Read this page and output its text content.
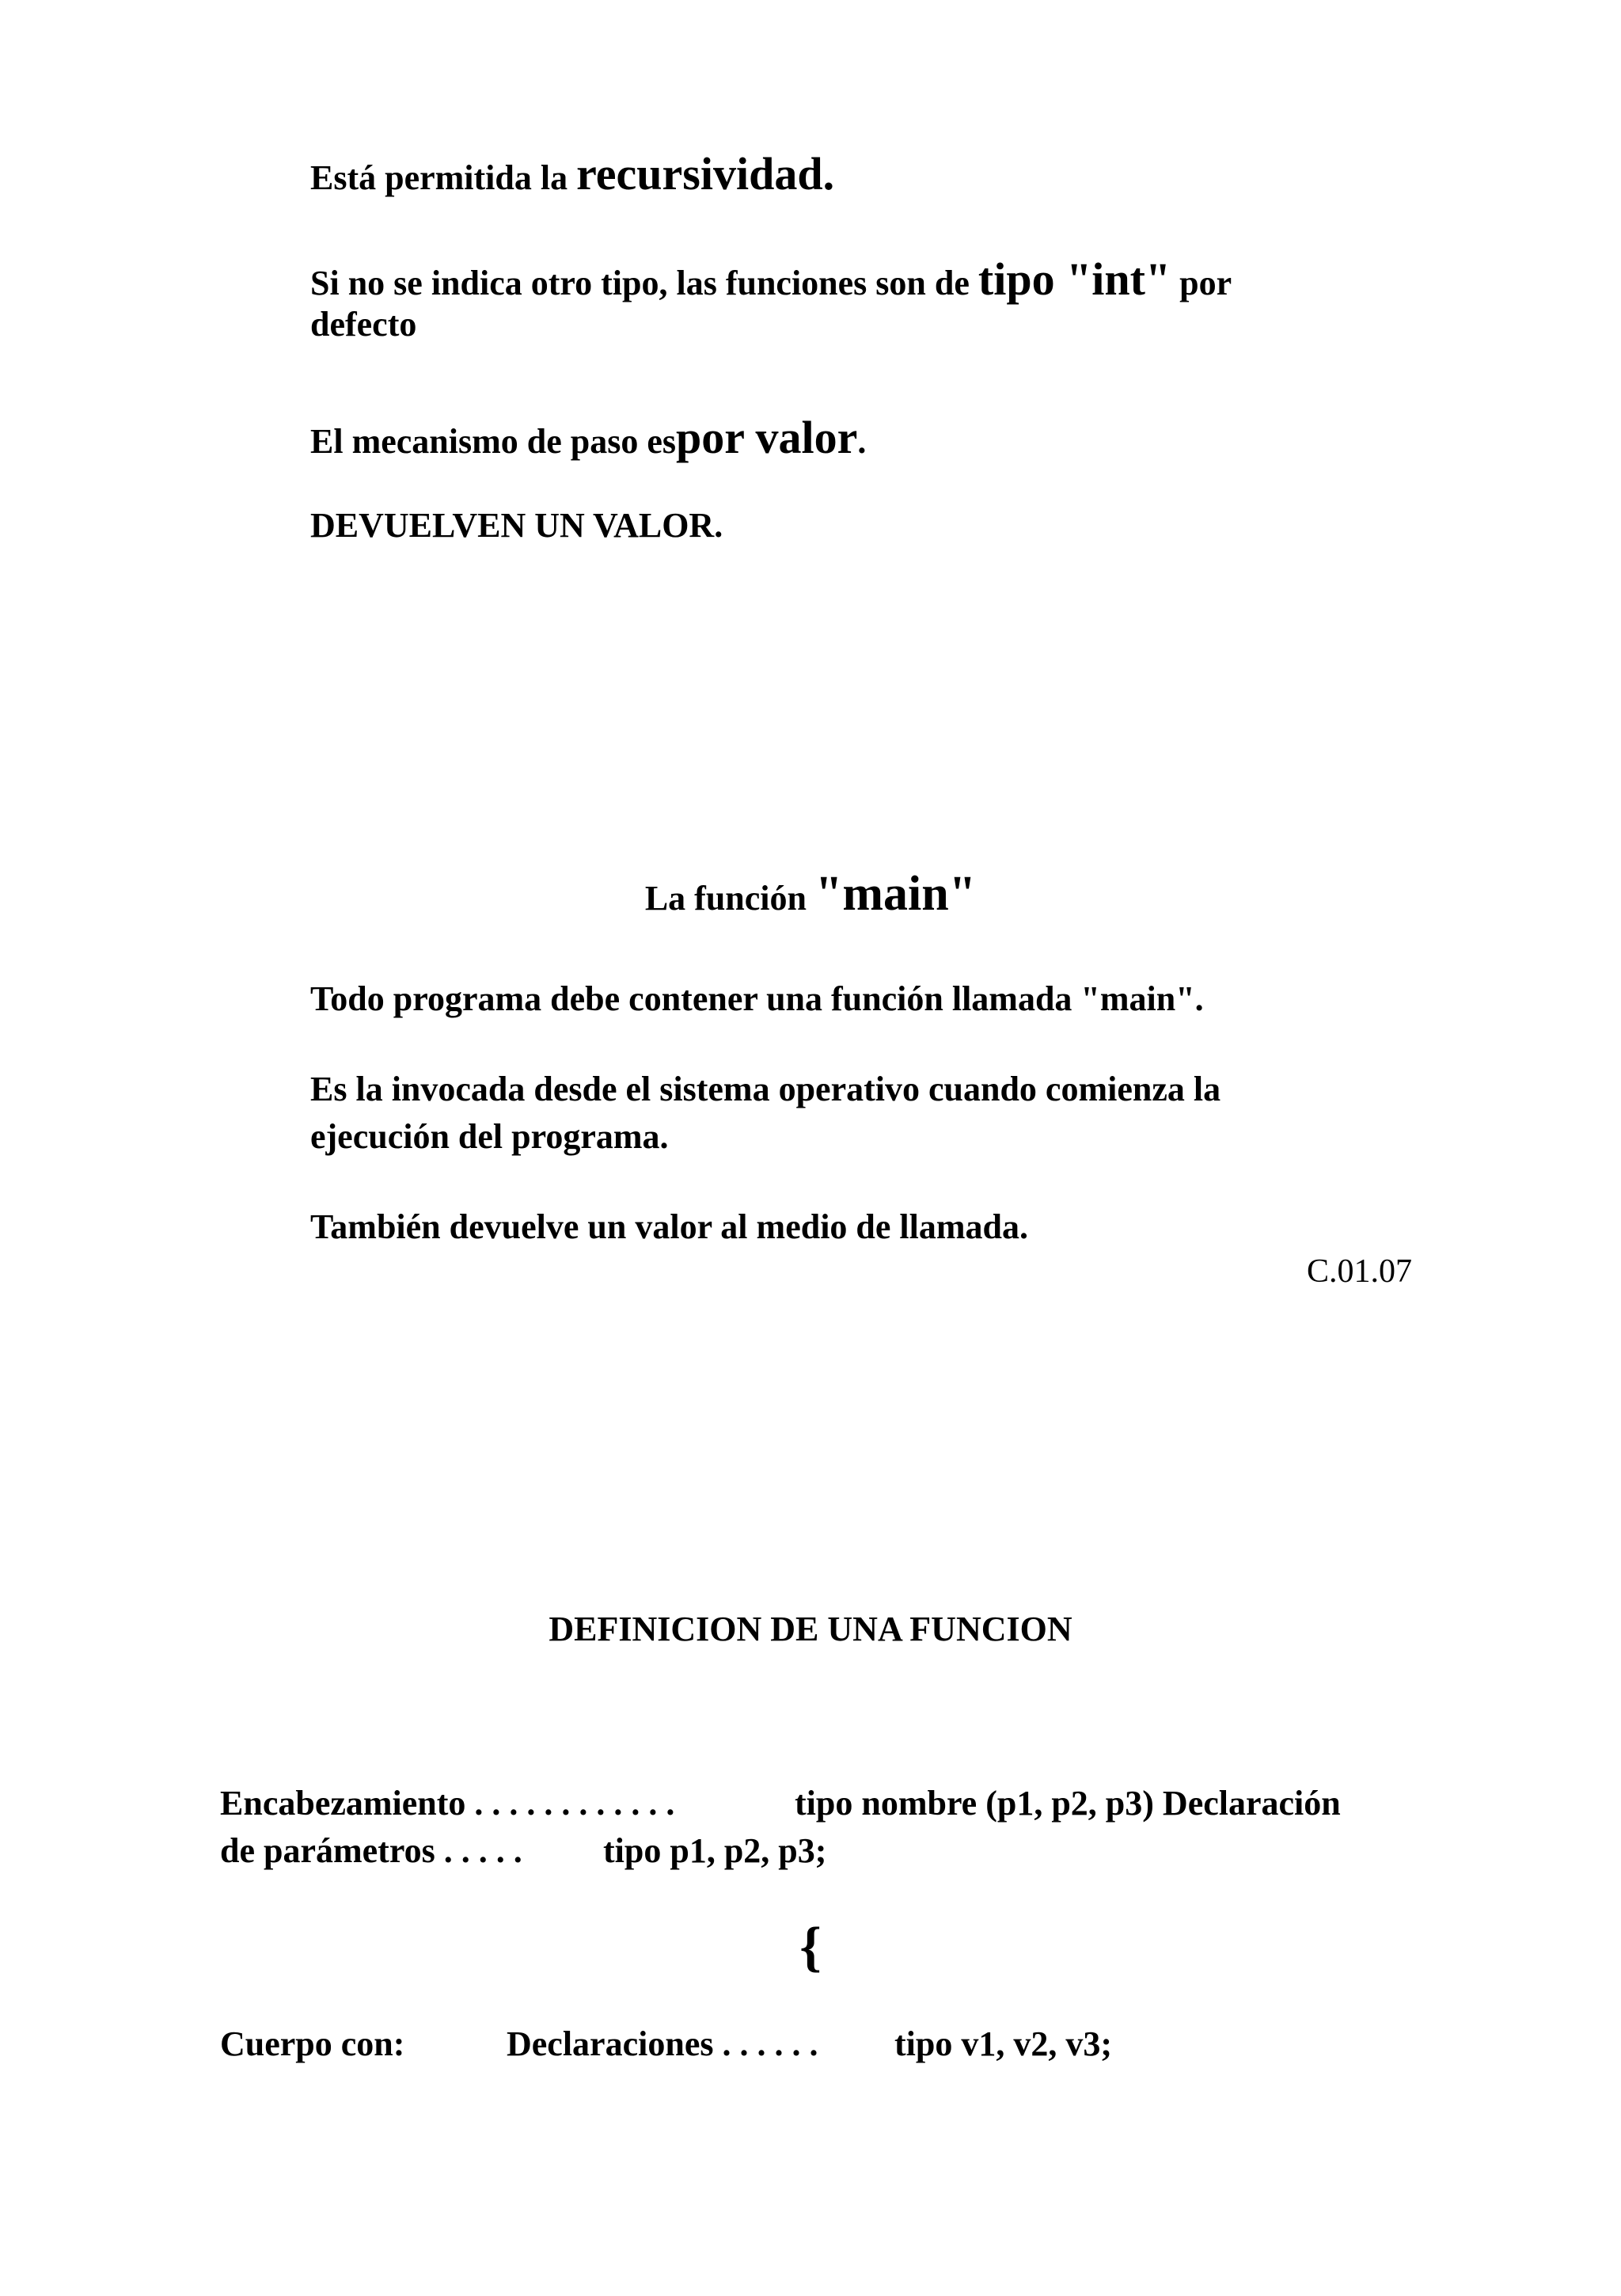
Está permitida la recursividad.
Si no se indica otro tipo, las funciones son de tipo "int" por
defecto
El mecanismo de paso espor valor.
DEVUELVEN UN VALOR.
La función "main"
Todo programa debe contener una función llamada "main".
Es la invocada desde el sistema operativo cuando comienza la
ejecución del programa.
También devuelve un valor al medio de llamada.
C.01.07
DEFINICION DE UNA FUNCION
Encabezamiento . . . . . . . . . . . .	tipo nombre (p1, p2, p3) Declaración
de parámetros . . . . . tipo p1, p2, p3;
{
Cuerpo con:	Declaraciones . . . . . . tipo v1, v2, v3;
